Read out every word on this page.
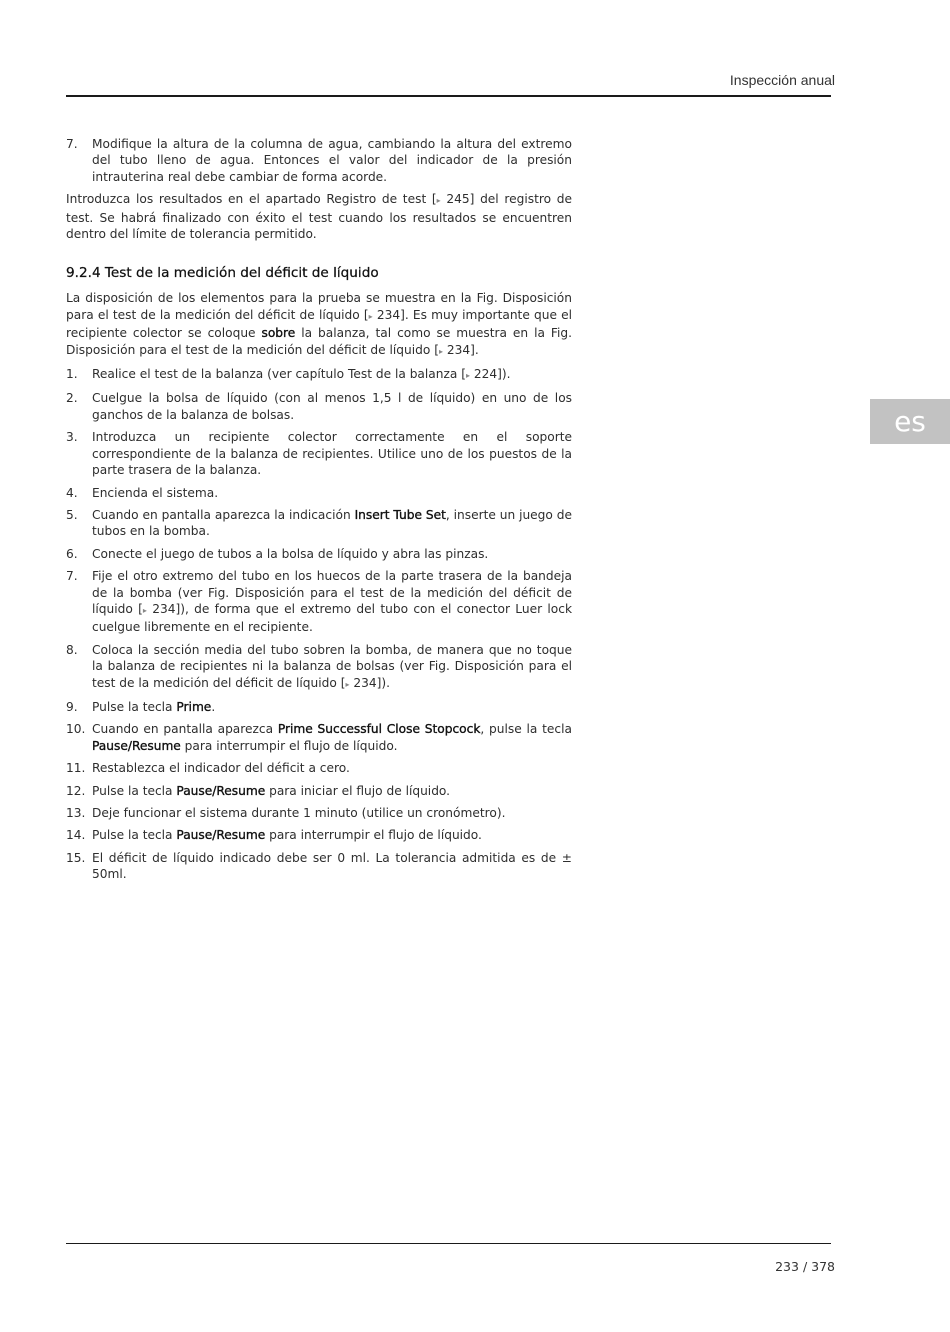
Inspección anual
7.	Modifique la altura de la columna de agua, cambiando la altura del extremo del tubo lleno de agua. Entonces el valor del indicador de la presión intrauterina real debe cambiar de forma acorde.

Introduzca los resultados en el apartado Registro de test [▸ 245] del registro de test. Se habrá finalizado con éxito el test cuando los resultados se encuentren dentro del límite de tolerancia permitido.

9.2.4 Test de la medición del déficit de líquido

La disposición de los elementos para la prueba se muestra en la Fig. Disposición para el test de la medición del déficit de líquido [▸ 234]. Es muy importante que el recipiente colector se coloque sobre la balanza, tal como se muestra en la Fig. Disposición para el test de la medición del déficit de líquido [▸ 234].

1.	Realice el test de la balanza (ver capítulo Test de la balanza [▸ 224]).
2.	Cuelgue la bolsa de líquido (con al menos 1,5 l de líquido) en uno de los ganchos de la balanza de bolsas.
3.	Introduzca un recipiente colector correctamente en el soporte correspondiente de la balanza de recipientes. Utilice uno de los puestos de la parte trasera de la balanza.
4.	Encienda el sistema.
5.	Cuando en pantalla aparezca la indicación Insert Tube Set, inserte un juego de tubos en la bomba.
6.	Conecte el juego de tubos a la bolsa de líquido y abra las pinzas.
7.	Fije el otro extremo del tubo en los huecos de la parte trasera de la bandeja de la bomba (ver Fig. Disposición para el test de la medición del déficit de líquido [▸ 234]), de forma que el extremo del tubo con el conector Luer lock cuelgue libremente en el recipiente.
8.	Coloca la sección media del tubo sobren la bomba, de manera que no toque la balanza de recipientes ni la balanza de bolsas (ver Fig. Disposición para el test de la medición del déficit de líquido [▸ 234]).
9.	Pulse la tecla Prime.
10. Cuando en pantalla aparezca Prime Successful Close Stopcock, pulse la tecla Pause/Resume para interrumpir el flujo de líquido.
11. Restablezca el indicador del déficit a cero.
12. Pulse la tecla Pause/Resume para iniciar el flujo de líquido.
13. Deje funcionar el sistema durante 1 minuto (utilice un cronómetro).
14. Pulse la tecla Pause/Resume para interrumpir el flujo de líquido.
15. El déficit de líquido indicado debe ser 0 ml. La tolerancia admitida es de ± 50ml.
es
233 / 378
